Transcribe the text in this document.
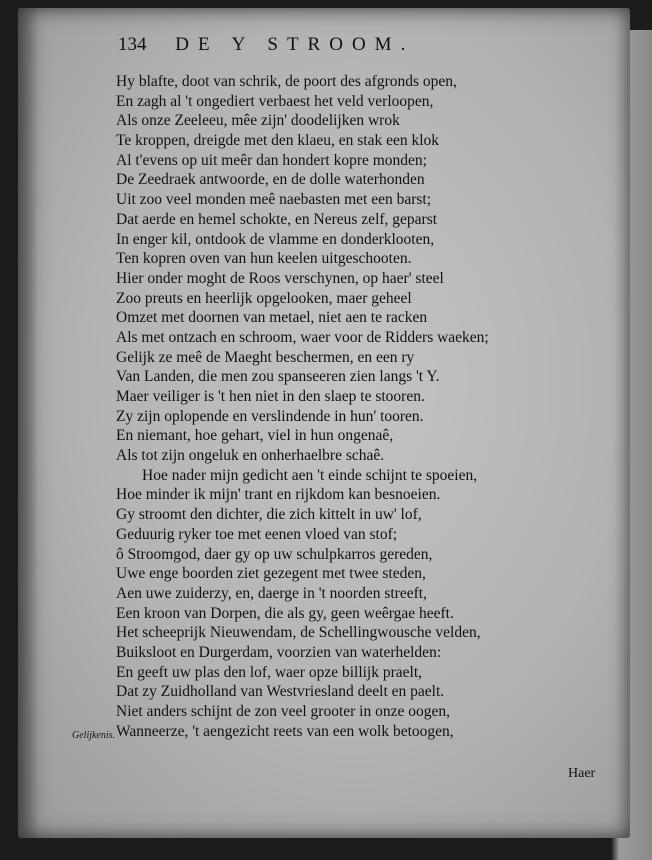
134 DE Y STROOM.
Hy blafte, doot van schrik, de poort des afgronds open,
En zagh al 't ongediert verbaest het veld verloopen,
Als onze Zeeleeu, mêe zijn' doodelijken wrok
Te kroppen, dreigde met den klaeu, en stak een klok
Al t'evens op uit meêr dan hondert kopre monden;
De Zeedraek antwoorde, en de dolle waterhonden
Uit zoo veel monden meê naebasten met een barst;
Dat aerde en hemel schokte, en Nereus zelf, geparst
In enger kil, ontdook de vlamme en donderklooten,
Ten kopren oven van hun keelen uitgeschooten.
Hier onder moght de Roos verschynen, op haer' steel
Zoo preuts en heerlijk opgelooken, maer geheel
Omzet met doornen van metael, niet aen te racken
Als met ontzach en schroom, waer voor de Ridders waeken;
Gelijk ze meê de Maeght beschermen, en een ry
Van Landen, die men zou spanseeren zien langs 't Y.
Maer veiliger is 't hen niet in den slaep te stooren.
Zy zijn oplopende en verslindende in hun' tooren.
En niemant, hoe gehart, viel in hun ongenaê,
Als tot zijn ongeluk en onherhaelbre schaê.
Hoe nader mijn gedicht aen 't einde schijnt te spoeien,
Hoe minder ik mijn' trant en rijkdom kan besnoeien.
Gy stroomt den dichter, die zich kittelt in uw' lof,
Geduurig ryker toe met eenen vloed van stof;
ô Stroomgod, daer gy op uw schulpkarros gereden,
Uwe enge boorden ziet gezegent met twee steden,
Aen uwe zuiderzy, en, daerge in 't noorden streeft,
Een kroon van Dorpen, die als gy, geen weêrgae heeft.
Het scheeprijk Nieuwendam, de Schellingwousche velden,
Buiksloot en Durgerdam, voorzien van waterhelden:
En geeft uw plas den lof, waer opze billijk praelt,
Dat zy Zuidholland van Westvriesland deelt en paelt.
Niet anders schijnt de zon veel grooter in onze oogen,
Wanneerze, 't aengezicht reets van een wolk betoogen,
Gelijkenis.
Haer
